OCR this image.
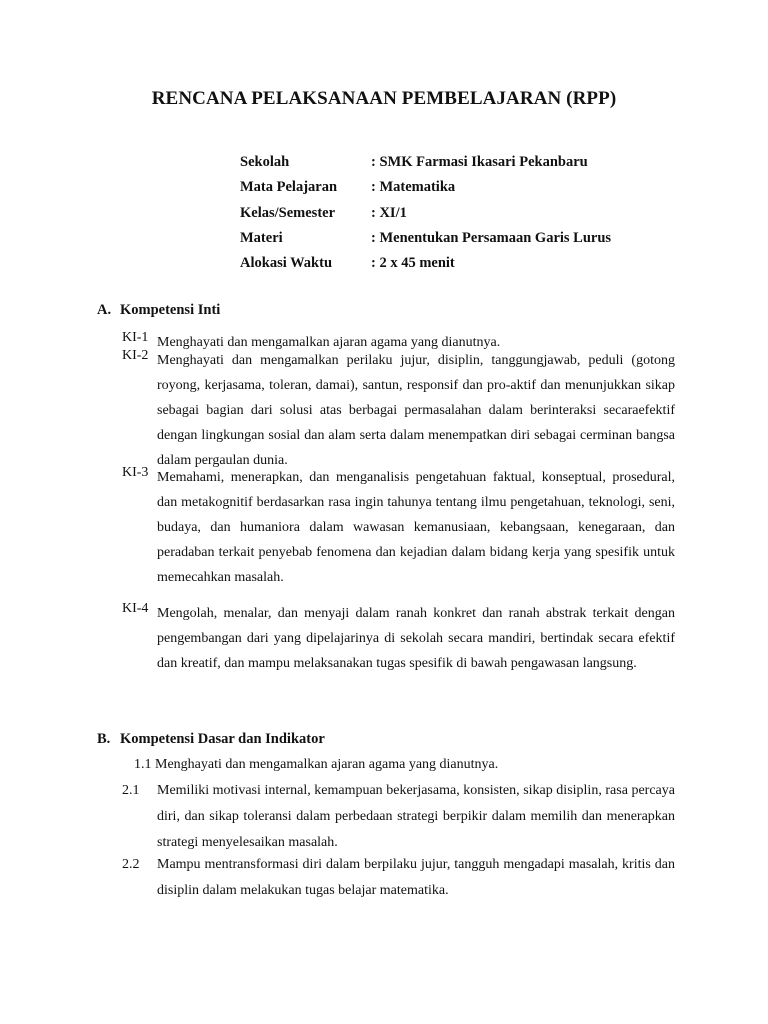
RENCANA PELAKSANAAN PEMBELAJARAN (RPP)
Sekolah	: SMK Farmasi Ikasari Pekanbaru
Mata Pelajaran	: Matematika
Kelas/Semester	: XI/1
Materi	: Menentukan Persamaan Garis Lurus
Alokasi Waktu	: 2 x 45 menit
A. Kompetensi Inti
KI-1 Menghayati dan mengamalkan ajaran agama yang dianutnya.
KI-2 Menghayati dan mengamalkan perilaku jujur, disiplin, tanggungjawab, peduli (gotong royong, kerjasama, toleran, damai), santun, responsif dan pro-aktif dan menunjukkan sikap sebagai bagian dari solusi atas berbagai permasalahan dalam berinteraksi secaraefektif dengan lingkungan sosial dan alam serta dalam menempatkan diri sebagai cerminan bangsa dalam pergaulan dunia.
KI-3 Memahami, menerapkan, dan menganalisis pengetahuan faktual, konseptual, prosedural, dan metakognitif berdasarkan rasa ingin tahunya tentang ilmu pengetahuan, teknologi, seni, budaya, dan humaniora dalam wawasan kemanusiaan, kebangsaan, kenegaraan, dan peradaban terkait penyebab fenomena dan kejadian dalam bidang kerja yang spesifik untuk memecahkan masalah.
KI-4 Mengolah, menalar, dan menyaji dalam ranah konkret dan ranah abstrak terkait dengan pengembangan dari yang dipelajarinya di sekolah secara mandiri, bertindak secara efektif dan kreatif, dan mampu melaksanakan tugas spesifik di bawah pengawasan langsung.
B. Kompetensi Dasar dan Indikator
1.1 Menghayati dan mengamalkan ajaran agama yang dianutnya.
2.1 Memiliki motivasi internal, kemampuan bekerjasama, konsisten, sikap disiplin, rasa percaya diri, dan sikap toleransi dalam perbedaan strategi berpikir dalam memilih dan menerapkan strategi menyelesaikan masalah.
2.2 Mampu mentransformasi diri dalam berpilaku jujur, tangguh mengadapi masalah, kritis dan disiplin dalam melakukan tugas belajar matematika.
